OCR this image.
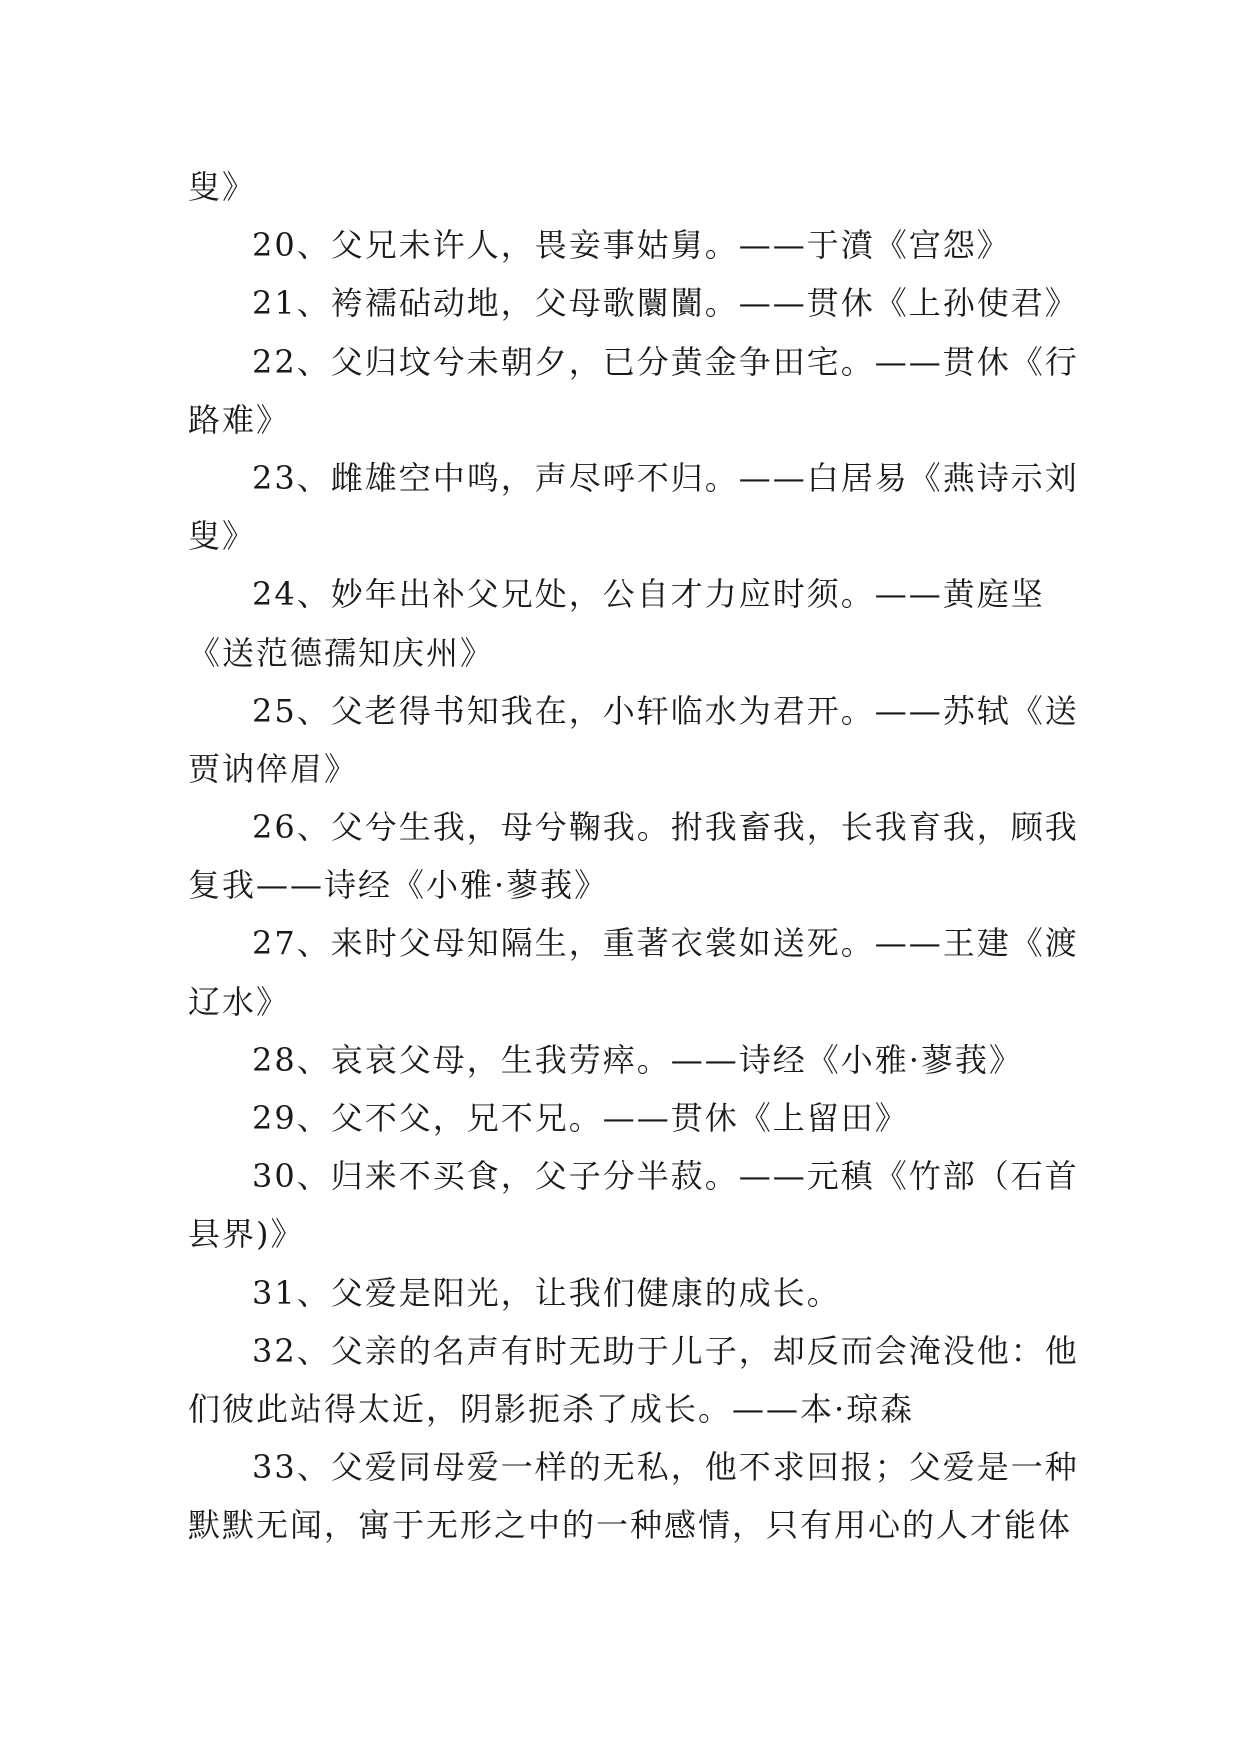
叟》
20、父兄未许人，畏妾事姑舅。——于濆《宫怨》
21、袴襦砧动地，父母歌闤闠。——贯休《上孙使君》
22、父归坟兮未朝夕，已分黄金争田宅。——贯休《行
路难》
23、雌雄空中鸣，声尽呼不归。——白居易《燕诗示刘
叟》
24、妙年出补父兄处，公自才力应时须。——黄庭坚
《送范德孺知庆州》
25、父老得书知我在，小轩临水为君开。——苏轼《送
贾讷倅眉》
26、父兮生我，母兮鞠我。拊我畜我，长我育我，顾我
复我——诗经《小雅·蓼莪》
27、来时父母知隔生，重著衣裳如送死。——王建《渡
辽水》
28、哀哀父母，生我劳瘁。——诗经《小雅·蓼莪》
29、父不父，兄不兄。——贯休《上留田》
30、归来不买食，父子分半菽。——元稹《竹部（石首
县界)》
31、父爱是阳光，让我们健康的成长。
32、父亲的名声有时无助于儿子，却反而会淹没他：他
们彼此站得太近，阴影扼杀了成长。——本·琼森
33、父爱同母爱一样的无私，他不求回报；父爱是一种
默默无闻，寓于无形之中的一种感情，只有用心的人才能体
